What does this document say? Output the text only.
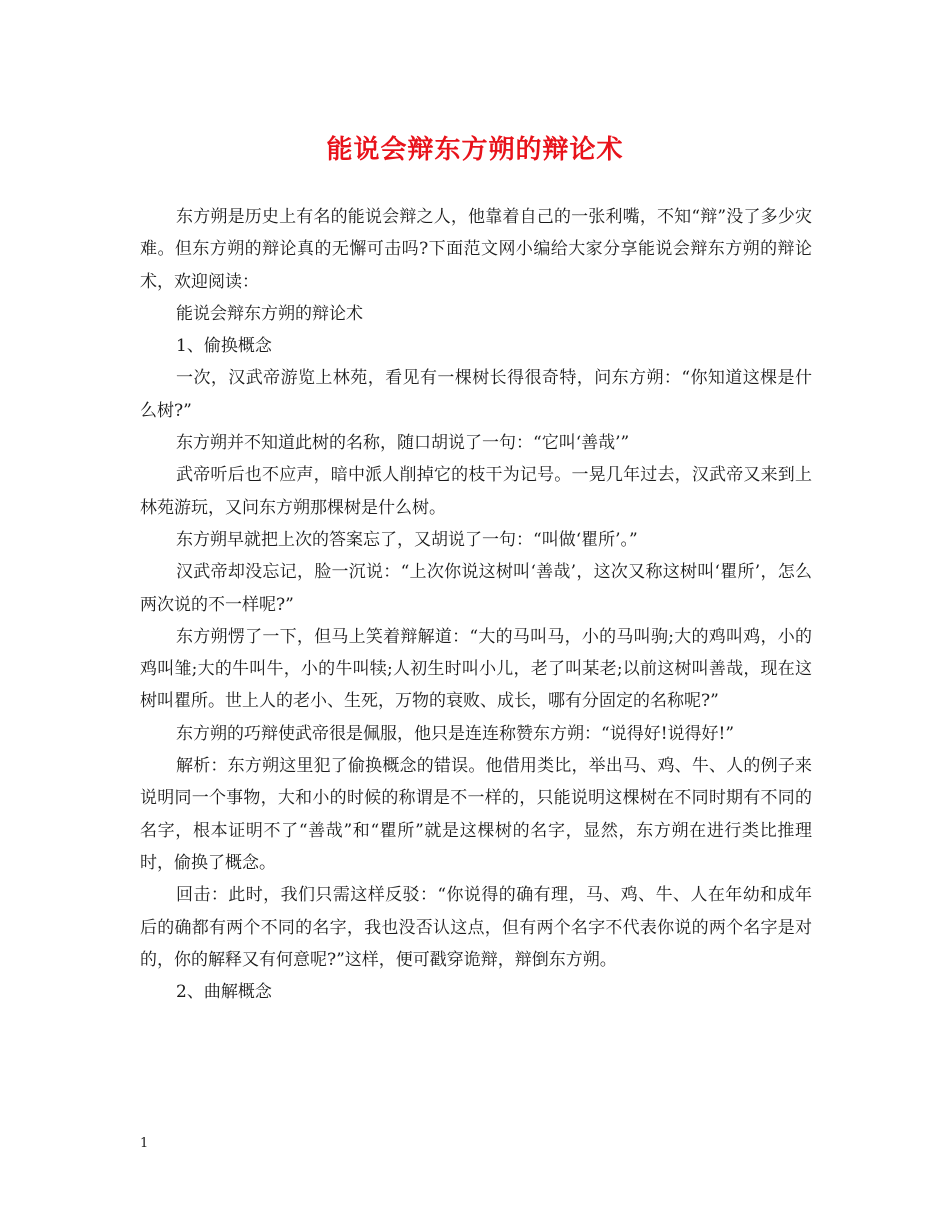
能说会辩东方朔的辩论术

东方朔是历史上有名的能说会辩之人，他靠着自己的一张利嘴，不知“辩”没了多少灾难。但东方朔的辩论真的无懈可击吗?下面范文网小编给大家分享能说会辩东方朔的辩论术，欢迎阅读：

能说会辩东方朔的辩论术

1、偷换概念

一次，汉武帝游览上林苑，看见有一棵树长得很奇特，问东方朔：“你知道这棵是什么树?”

东方朔并不知道此树的名称，随口胡说了一句：“它叫‘善哉’”

武帝听后也不应声，暗中派人削掉它的枝干为记号。一晃几年过去，汉武帝又来到上林苑游玩，又问东方朔那棵树是什么树。

东方朔早就把上次的答案忘了，又胡说了一句：“叫做‘瞿所’。”

汉武帝却没忘记，脸一沉说：“上次你说这树叫‘善哉’，这次又称这树叫‘瞿所’，怎么两次说的不一样呢?”

东方朔愣了一下，但马上笑着辩解道：“大的马叫马，小的马叫驹;大的鸡叫鸡，小的鸡叫雏;大的牛叫牛，小的牛叫犊;人初生时叫小儿，老了叫某老;以前这树叫善哉，现在这树叫瞿所。世上人的老小、生死，万物的衰败、成长，哪有分固定的名称呢?”

东方朔的巧辩使武帝很是佩服，他只是连连称赞东方朔：“说得好!说得好!”

解析：东方朔这里犯了偷换概念的错误。他借用类比，举出马、鸡、牛、人的例子来说明同一个事物，大和小的时候的称谓是不一样的，只能说明这棵树在不同时期有不同的名字，根本证明不了“善哉”和“瞿所”就是这棵树的名字，显然，东方朔在进行类比推理时，偷换了概念。

回击：此时，我们只需这样反驳：“你说得的确有理，马、鸡、牛、人在年幼和成年后的确都有两个不同的名字，我也没否认这点，但有两个名字不代表你说的两个名字是对的，你的解释又有何意呢?”这样，便可戳穿诡辩，辩倒东方朔。

2、曲解概念

1
